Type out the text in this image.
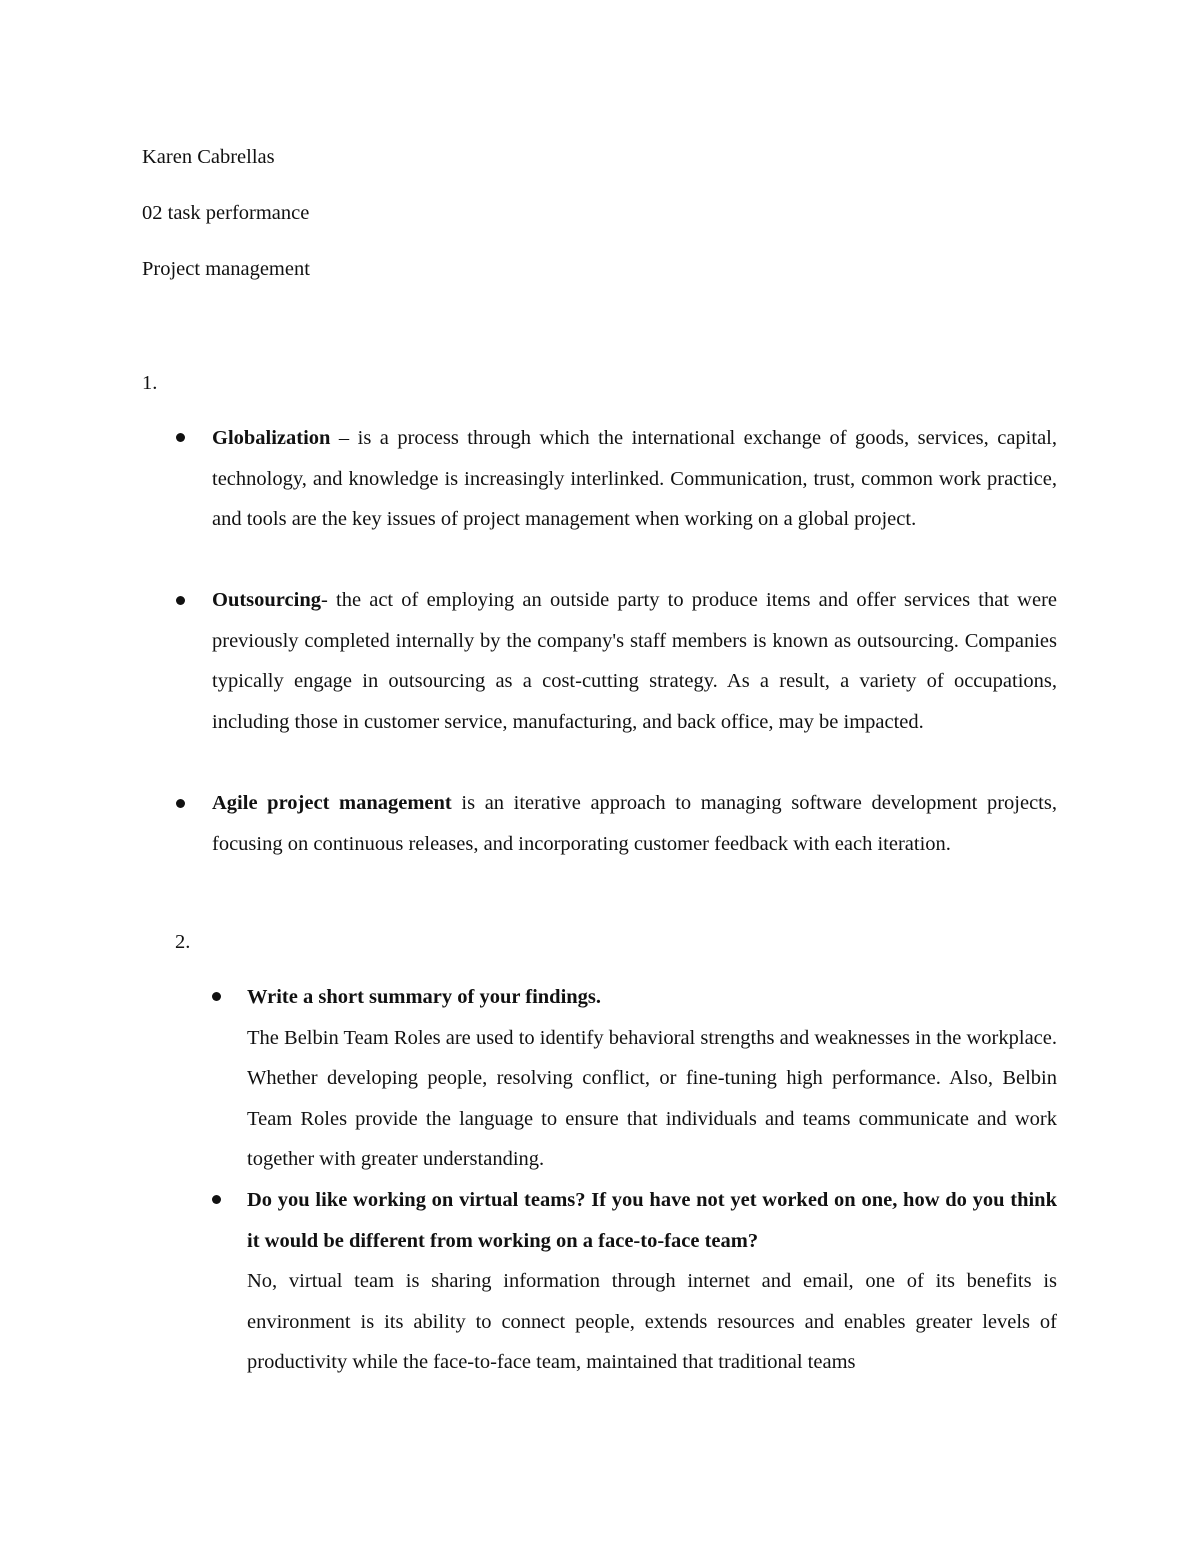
Karen Cabrellas
02 task performance
Project management
1.
Globalization – is a process through which the international exchange of goods, services, capital, technology, and knowledge is increasingly interlinked. Communication, trust, common work practice, and tools are the key issues of project management when working on a global project.
Outsourcing- the act of employing an outside party to produce items and offer services that were previously completed internally by the company's staff members is known as outsourcing. Companies typically engage in outsourcing as a cost-cutting strategy. As a result, a variety of occupations, including those in customer service, manufacturing, and back office, may be impacted.
Agile project management is an iterative approach to managing software development projects, focusing on continuous releases, and incorporating customer feedback with each iteration.
2.

Write a short summary of your findings.

The Belbin Team Roles are used to identify behavioral strengths and weaknesses in the workplace. Whether developing people, resolving conflict, or fine-tuning high performance. Also, Belbin Team Roles provide the language to ensure that individuals and teams communicate and work together with greater understanding.

Do you like working on virtual teams? If you have not yet worked on one, how do you think it would be different from working on a face-to-face team?

No, virtual team is sharing information through internet and email, one of its benefits is environment is its ability to connect people, extends resources and enables greater levels of productivity while the face-to-face team, maintained that traditional teams
